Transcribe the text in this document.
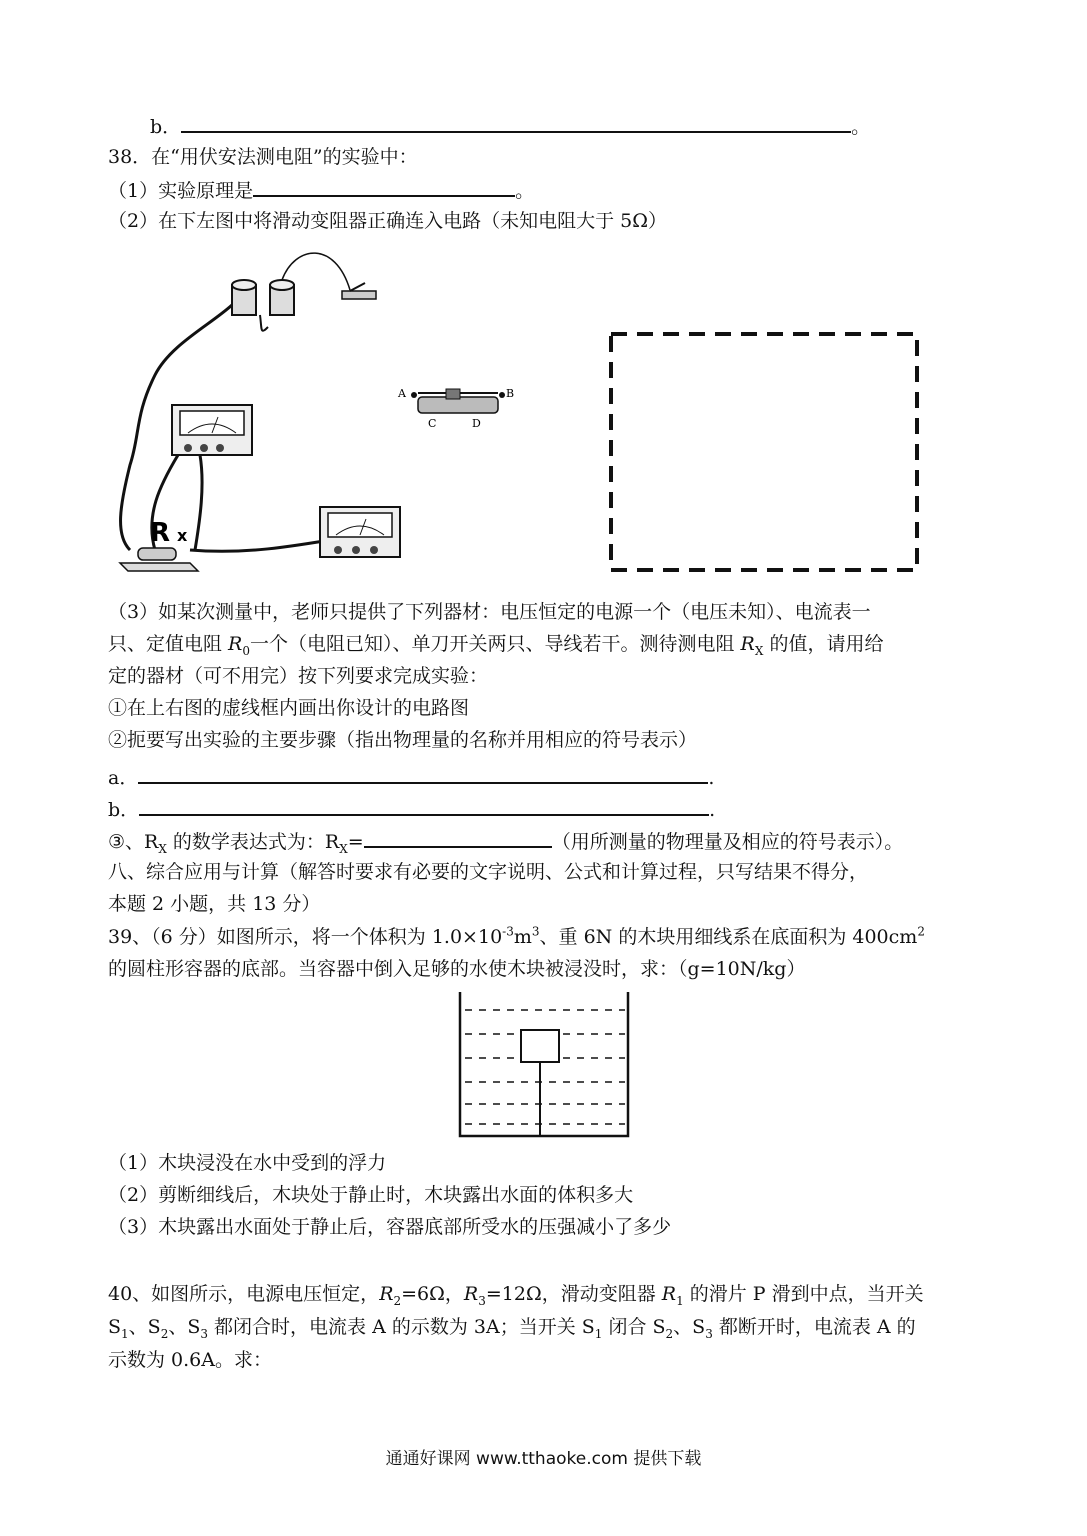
b．	。
38．在“用伏安法测电阻”的实验中：
（1）实验原理是	。
（2）在下左图中将滑动变阻器正确连入电路（未知电阻大于 5Ω）
R x
A	B
C	D
（3）如某次测量中，老师只提供了下列器材：电压恒定的电源一个（电压未知）、电流表一
只、定值电阻 $R_0$一个（电阻已知）、单刀开关两只、导线若干。测待测电阻 $R_X$ 的值，请用给
定的器材（可不用完）按下列要求完成实验：
①在上右图的虚线框内画出你设计的电路图
②扼要写出实验的主要步骤（指出物理量的名称并用相应的符号表示）
a．	.
b．	.
③、$R_X$ 的数学表达式为：$R_X=$	（用所测量的物理量及相应的符号表示）。
八、综合应用与计算（解答时要求有必要的文字说明、公式和计算过程，只写结果不得分，
本题 2 小题，共 13 分）
39、（6 分）如图所示，将一个体积为 $1.0\times 10^{-3}m^3$、重 6N 的木块用细线系在底面积为 $400cm^2$
的圆柱形容器的底部。当容器中倒入足够的水使木块被浸没时，求：（g=10N/kg）
（1）木块浸没在水中受到的浮力
（2）剪断细线后，木块处于静止时，木块露出水面的体积多大
（3）木块露出水面处于静止后，容器底部所受水的压强减小了多少
40、如图所示，电源电压恒定，$R_2=6\Omega$，$R_3=12\Omega$，滑动变阻器 $R_1$ 的滑片 P 滑到中点，当开关
$S_1$、$S_2$、$S_3$ 都闭合时，电流表 A 的示数为 3A；当开关 $S_1$ 闭合 $S_2$、$S_3$ 都断开时，电流表 A 的
示数为 0.6A。求：
通通好课网 www.tthaoke.com 提供下载
